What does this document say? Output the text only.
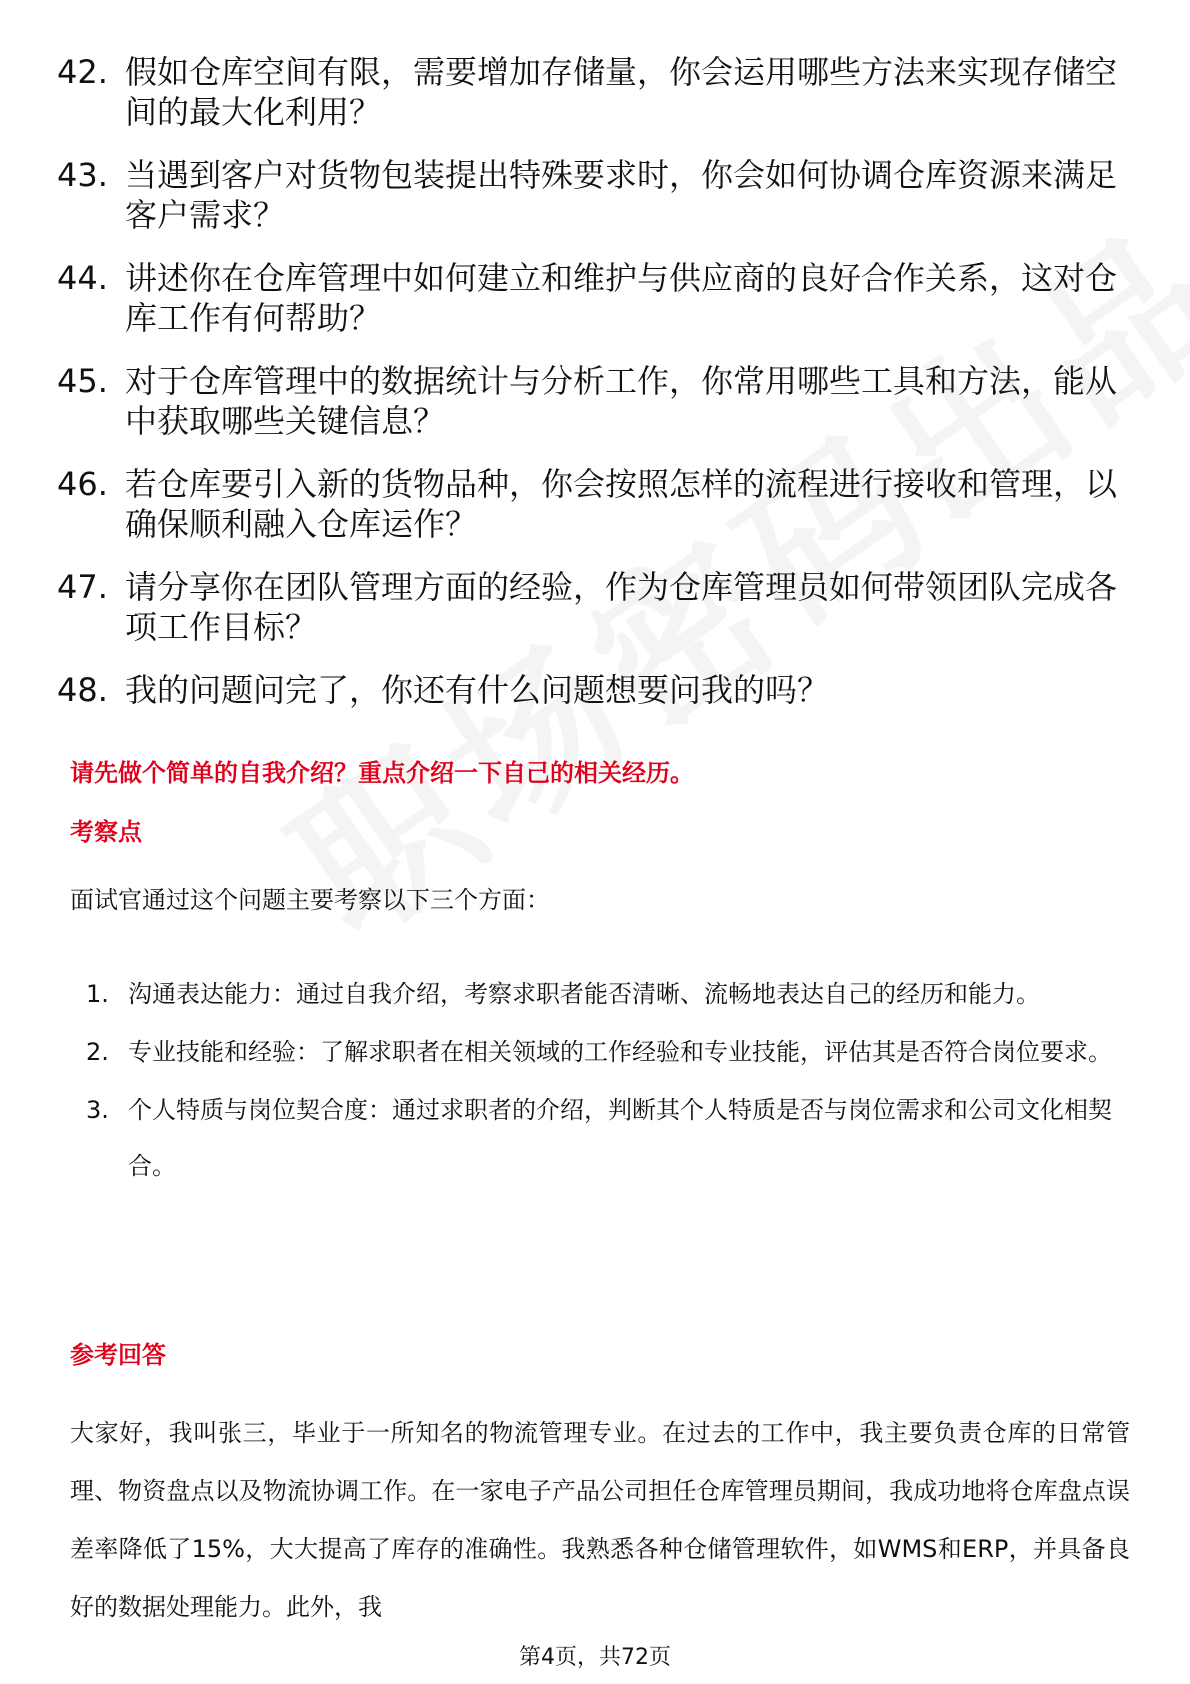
42. 假如仓库空间有限，需要增加存储量，你会运用哪些方法来实现存储空间的最大化利用？
43. 当遇到客户对货物包装提出特殊要求时，你会如何协调仓库资源来满足客户需求？
44. 讲述你在仓库管理中如何建立和维护与供应商的良好合作关系，这对仓库工作有何帮助？
45. 对于仓库管理中的数据统计与分析工作，你常用哪些工具和方法，能从中获取哪些关键信息？
46. 若仓库要引入新的货物品种，你会按照怎样的流程进行接收和管理，以确保顺利融入仓库运作？
47. 请分享你在团队管理方面的经验，作为仓库管理员如何带领团队完成各项工作目标？
48. 我的问题问完了，你还有什么问题想要问我的吗？
请先做个简单的自我介绍？重点介绍一下自己的相关经历。
考察点
面试官通过这个问题主要考察以下三个方面：
1. 沟通表达能力：通过自我介绍，考察求职者能否清晰、流畅地表达自己的经历和能力。
2. 专业技能和经验：了解求职者在相关领域的工作经验和专业技能，评估其是否符合岗位要求。
3. 个人特质与岗位契合度：通过求职者的介绍，判断其个人特质是否与岗位需求和公司文化相契合。
参考回答
大家好，我叫张三，毕业于一所知名的物流管理专业。在过去的工作中，我主要负责仓库的日常管理、物资盘点以及物流协调工作。在一家电子产品公司担任仓库管理员期间，我成功地将仓库盘点误差率降低了15%，大大提高了库存的准确性。我熟悉各种仓储管理软件，如WMS和ERP，并具备良好的数据处理能力。此外，我
第4页，共72页
